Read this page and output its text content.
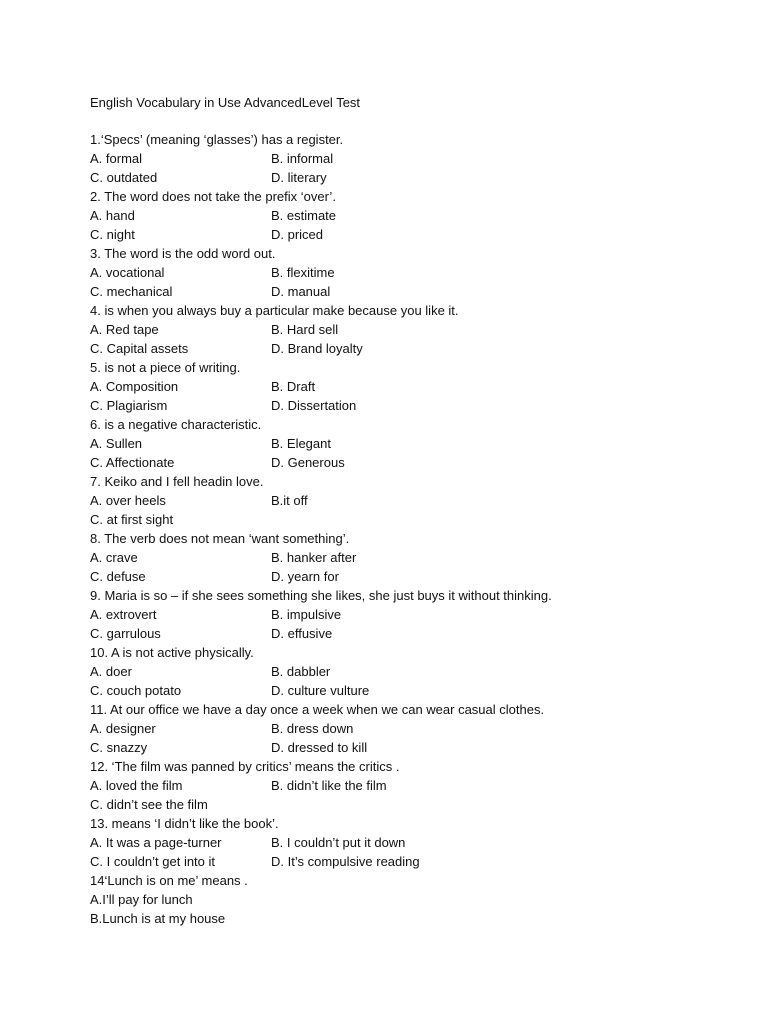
English Vocabulary in Use AdvancedLevel Test
1.‘Specs’ (meaning ‘glasses’) has a register.
A. formal	B. informal
C. outdated	D. literary
2. The word does not take the prefix ‘over’.
A. hand	B. estimate
C. night	D. priced
3. The word is the odd word out.
A. vocational	B. flexitime
C. mechanical	D. manual
4. is when you always buy a particular make because you like it.
A. Red tape	B. Hard sell
C. Capital assets	D. Brand loyalty
5. is not a piece of writing.
A. Composition	B. Draft
C. Plagiarism	D. Dissertation
6. is a negative characteristic.
A. Sullen	B. Elegant
C. Affectionate	D. Generous
7. Keiko and I fell headin love.
A. over heels	B.it off
C. at first sight
8. The verb does not mean ‘want something’.
A. crave	B. hanker after
C. defuse	D. yearn for
9. Maria is so – if she sees something she likes, she just buys it without thinking.
A. extrovert	B. impulsive
C. garrulous	D. effusive
10. A is not active physically.
A. doer	B. dabbler
C. couch potato	D. culture vulture
11. At our office we have a day once a week when we can wear casual clothes.
A. designer	B. dress down
C. snazzy	D. dressed to kill
12. ‘The film was panned by critics’ means the critics .
A. loved the film	B. didn’t like the film
C. didn’t see the film
13. means ‘I didn’t like the book’.
A. It was a page-turner	B. I couldn’t put it down
C. I couldn’t get into it	D. It’s compulsive reading
14‘Lunch is on me’ means .
A.I’ll pay for lunch
B.Lunch is at my house
